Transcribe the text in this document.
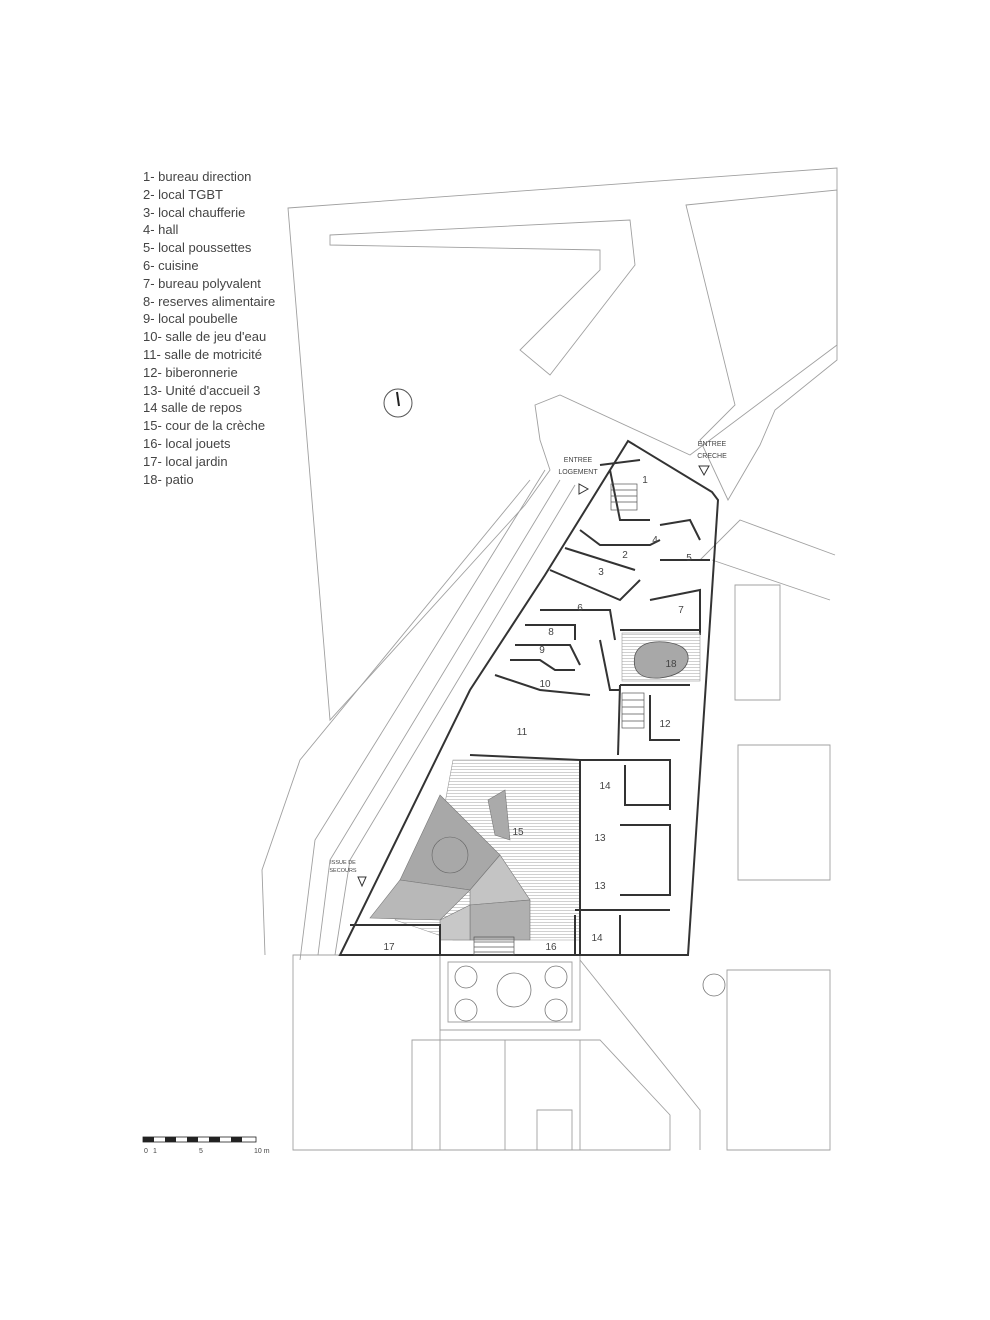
1- bureau direction
2- local TGBT
3- local chaufferie
4- hall
5- local poussettes
6- cuisine
7- bureau polyvalent
8- reserves alimentaire
9- local poubelle
10- salle de jeu d'eau
11- salle de motricité
12- biberonnerie
13- Unité d'accueil 3
14 salle de repos
15- cour de la crèche
16- local jouets
17- local jardin
18- patio
ENTREE
LOGEMENT
ENTREE
CRECHE
ISSUE DE
SECOURS
1
2
3
4
5
6	7
8
9
10
11
12
13
13
14
14
15
16
17
18
0 1	5	10 m
